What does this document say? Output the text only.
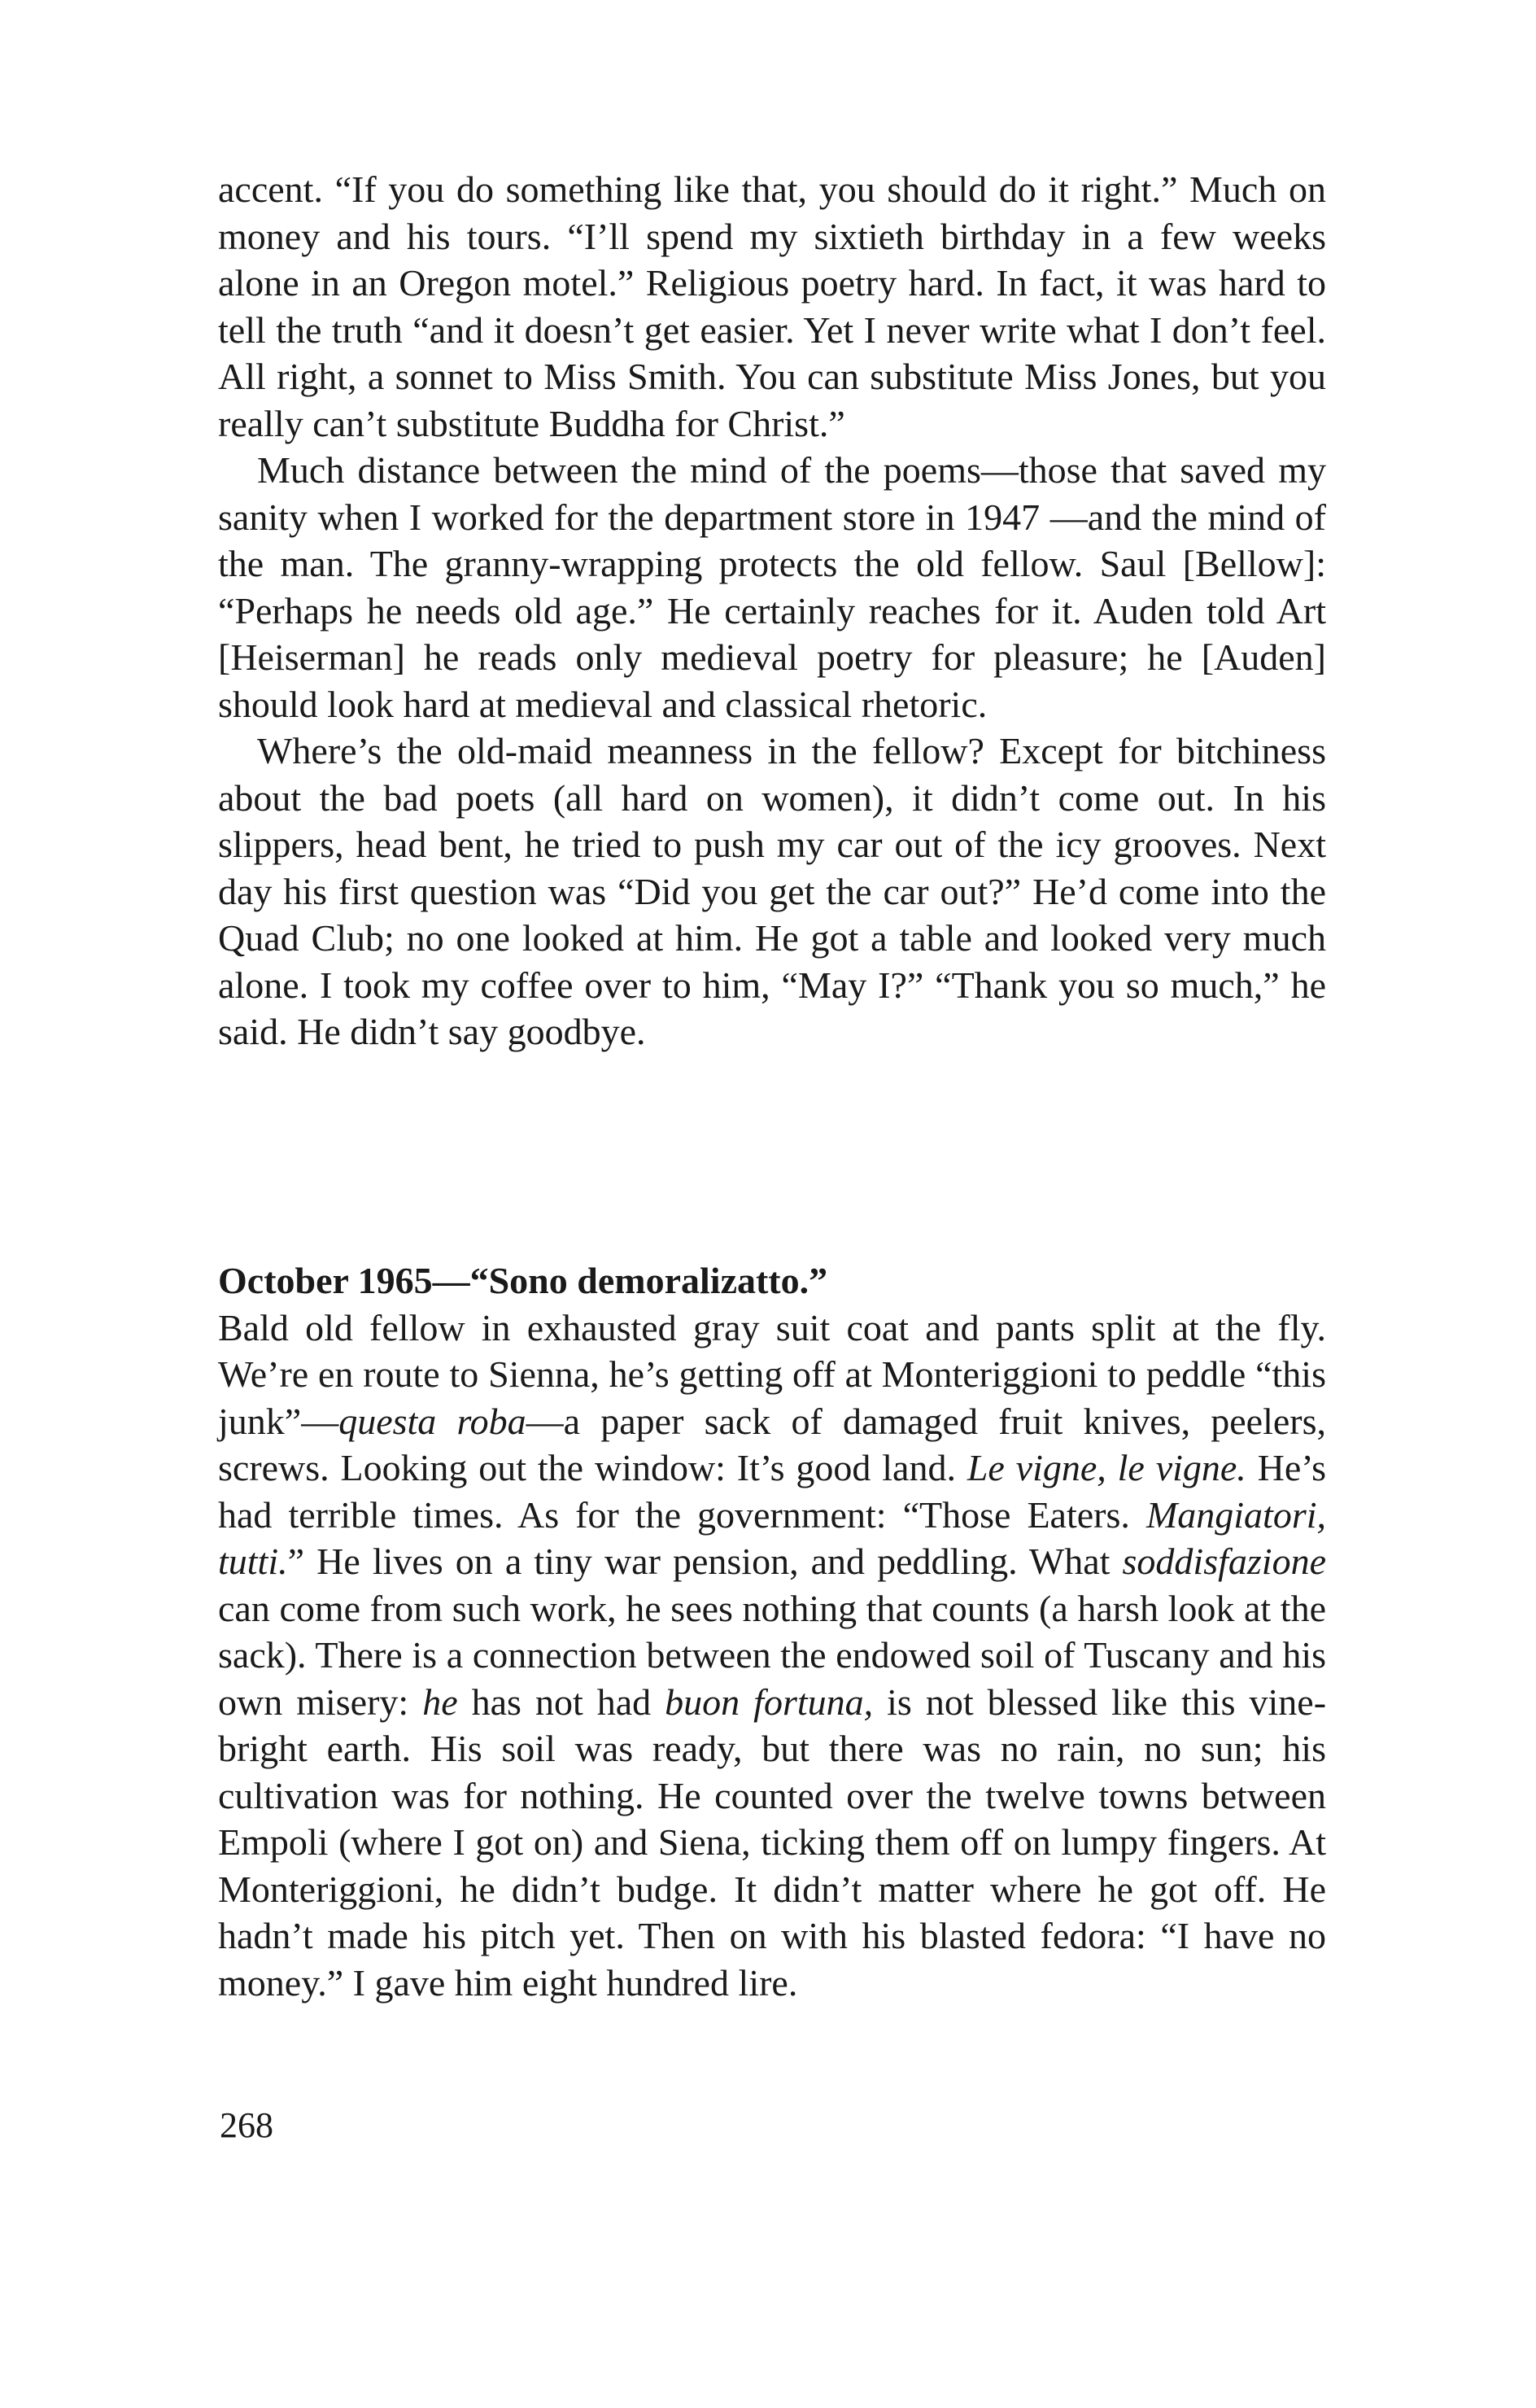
accent. “If you do something like that, you should do it right.” Much on money and his tours. “I’ll spend my sixtieth birthday in a few weeks alone in an Oregon motel.” Religious poetry hard. In fact, it was hard to tell the truth “and it doesn’t get easier. Yet I never write what I don’t feel. All right, a sonnet to Miss Smith. You can substitute Miss Jones, but you really can’t substitute Buddha for Christ.”

Much distance between the mind of the poems—those that saved my sanity when I worked for the department store in 1947 —and the mind of the man. The granny-wrapping protects the old fellow. Saul [Bellow]: “Perhaps he needs old age.” He certainly reaches for it. Auden told Art [Heiserman] he reads only medieval poetry for pleasure; he [Auden] should look hard at medieval and classical rhetoric.

Where’s the old-maid meanness in the fellow? Except for bitchiness about the bad poets (all hard on women), it didn’t come out. In his slippers, head bent, he tried to push my car out of the icy grooves. Next day his first question was “Did you get the car out?” He’d come into the Quad Club; no one looked at him. He got a table and looked very much alone. I took my coffee over to him, “May I?” “Thank you so much,” he said. He didn’t say goodbye.

October 1965—“Sono demoralizatto.”

Bald old fellow in exhausted gray suit coat and pants split at the fly. We’re en route to Sienna, he’s getting off at Monteriggioni to peddle “this junk”—questa roba—a paper sack of damaged fruit knives, peelers, screws. Looking out the window: It’s good land. Le vigne, le vigne. He’s had terrible times. As for the government: “Those Eaters. Mangiatori, tutti.” He lives on a tiny war pension, and peddling. What soddisfazione can come from such work, he sees nothing that counts (a harsh look at the sack). There is a connection between the endowed soil of Tuscany and his own misery: he has not had buon fortuna, is not blessed like this vinebright earth. His soil was ready, but there was no rain, no sun; his cultivation was for nothing. He counted over the twelve towns between Empoli (where I got on) and Siena, ticking them off on lumpy fingers. At Monteriggioni, he didn’t budge. It didn’t matter where he got off. He hadn’t made his pitch yet. Then on with his blasted fedora: “I have no money.” I gave him eight hundred lire.

268
